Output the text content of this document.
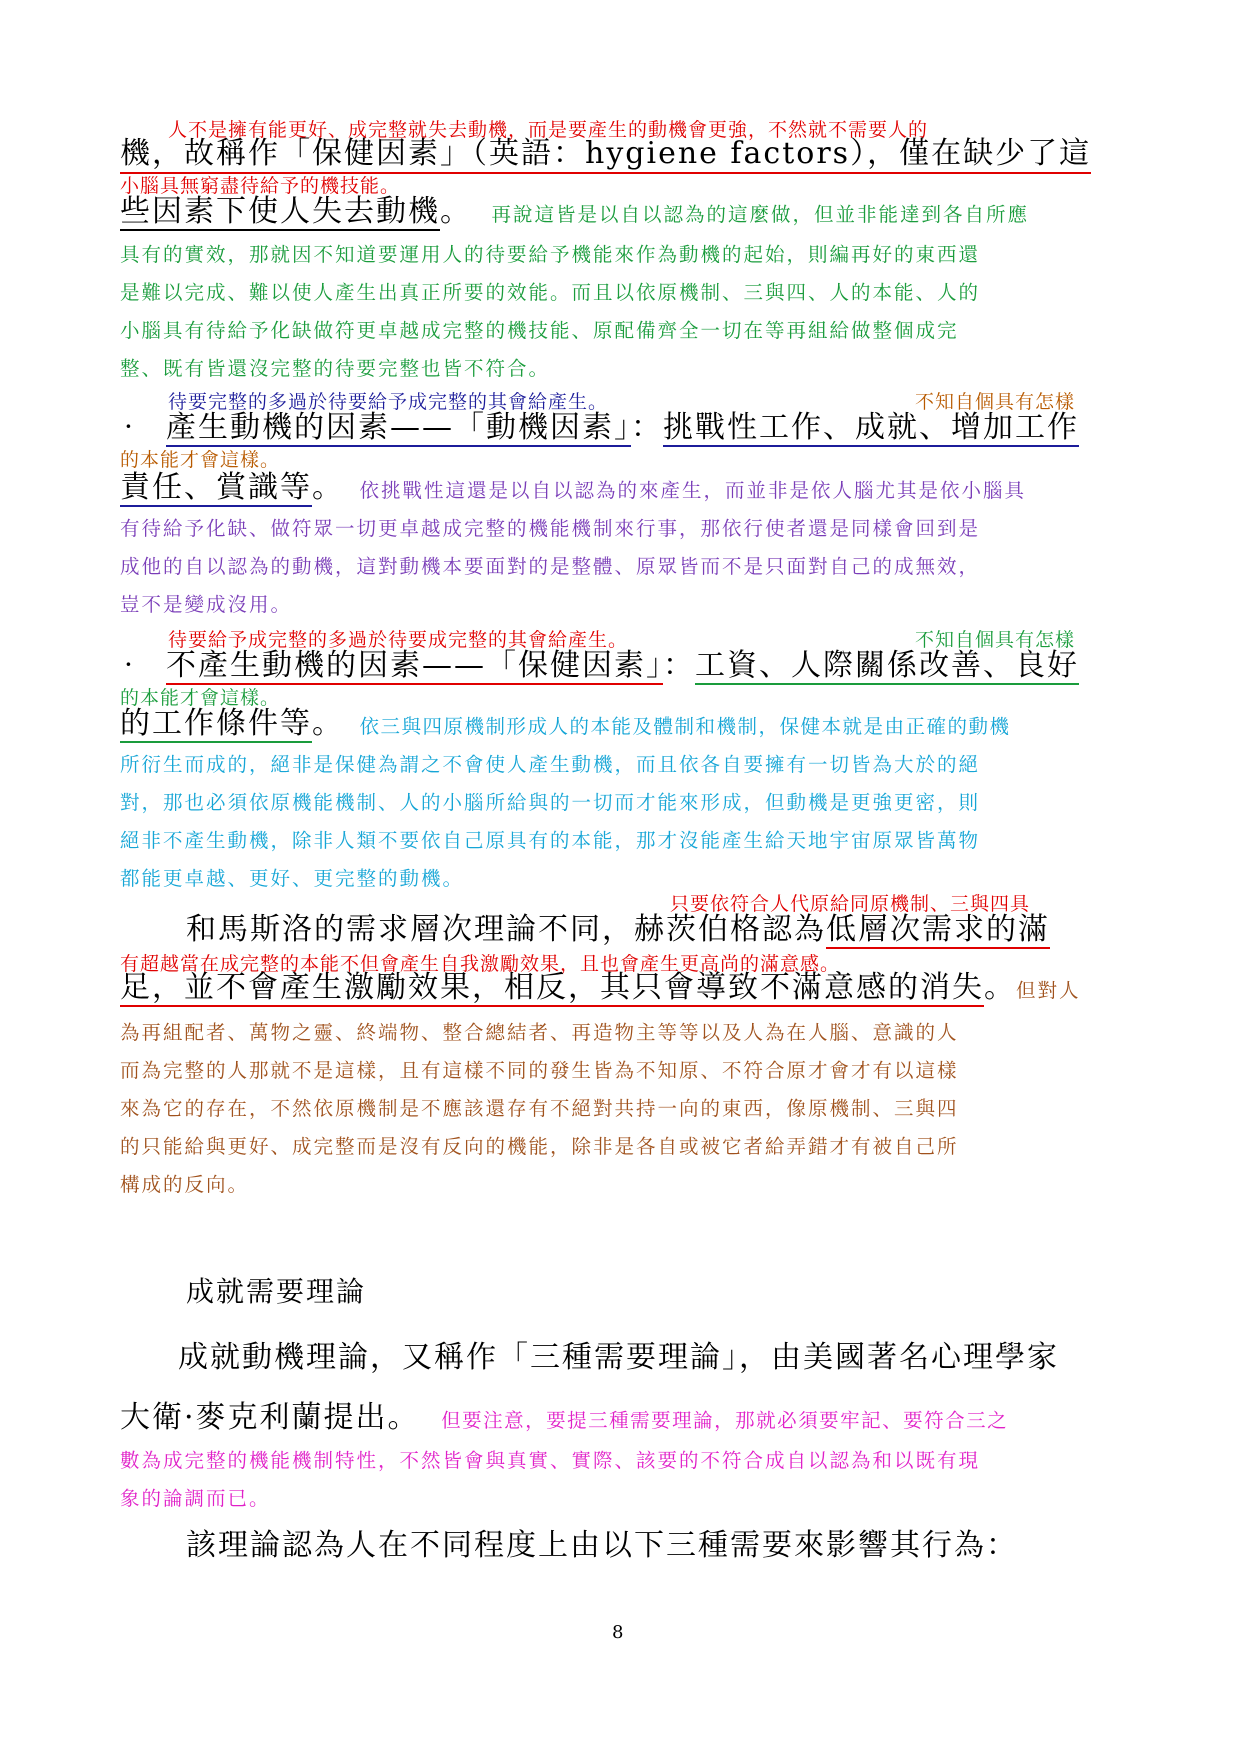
人不是擁有能更好、成完整就失去動機，而是要產生的動機會更強，不然就不需要人的
機，故稱作「保健因素」（英語：hygiene factors），僅在缺少了這
小腦具無窮盡待給予的機技能。
些因素下使人失去動機。 再說這皆是以自以認為的這麼做，但並非能達到各自所應
具有的實效，那就因不知道要運用人的待要給予機能來作為動機的起始，則編再好的東西還
是難以完成、難以使人產生出真正所要的效能。而且以依原機制、三與四、人的本能、人的
小腦具有待給予化缺做符更卓越成完整的機技能、原配備齊全一切在等再組給做整個成完
整、既有皆還沒完整的待要完整也皆不符合。
待要完整的多過於待要給予成完整的其會給產生。	不知自個具有怎樣
· 產生動機的因素——「動機因素」：挑戰性工作、成就、增加工作
的本能才會這樣。
責任、賞識等。 依挑戰性這還是以自以認為的來產生，而並非是依人腦尤其是依小腦具
有待給予化缺、做符眾一切更卓越成完整的機能機制來行事，那依行使者還是同樣會回到是
成他的自以認為的動機，這對動機本要面對的是整體、原眾皆而不是只面對自己的成無效，
豈不是變成沒用。
待要給予成完整的多過於待要成完整的其會給產生。	不知自個具有怎樣
· 不產生動機的因素——「保健因素」：工資、人際關係改善、良好
的本能才會這樣。
的工作條件等。 依三與四原機制形成人的本能及體制和機制，保健本就是由正確的動機
所衍生而成的，絕非是保健為謂之不會使人產生動機，而且依各自要擁有一切皆為大於的絕
對，那也必須依原機能機制、人的小腦所給與的一切而才能來形成，但動機是更強更密，則
絕非不產生動機，除非人類不要依自己原具有的本能，那才沒能產生給天地宇宙原眾皆萬物
都能更卓越、更好、更完整的動機。
只要依符合人代原給同原機制、三與四具
和馬斯洛的需求層次理論不同，赫茨伯格認為低層次需求的滿
有超越當在成完整的本能不但會產生自我激勵效果，且也會產生更高尚的滿意感。
足，並不會產生激勵效果，相反，其只會導致不滿意感的消失。但對人
為再組配者、萬物之靈、終端物、整合總結者、再造物主等等以及人為在人腦、意識的人
而為完整的人那就不是這樣，且有這樣不同的發生皆為不知原、不符合原才會才有以這樣
來為它的存在，不然依原機制是不應該還存有不絕對共持一向的東西，像原機制、三與四
的只能給與更好、成完整而是沒有反向的機能，除非是各自或被它者給弄錯才有被自己所
構成的反向。
成就需要理論
成就動機理論，又稱作「三種需要理論」，由美國著名心理學家
大衛·麥克利蘭提出。 但要注意，要提三種需要理論，那就必須要牢記、要符合三之
數為成完整的機能機制特性，不然皆會與真實、實際、該要的不符合成自以認為和以既有現
象的論調而已。
該理論認為人在不同程度上由以下三種需要來影響其行為：
8
